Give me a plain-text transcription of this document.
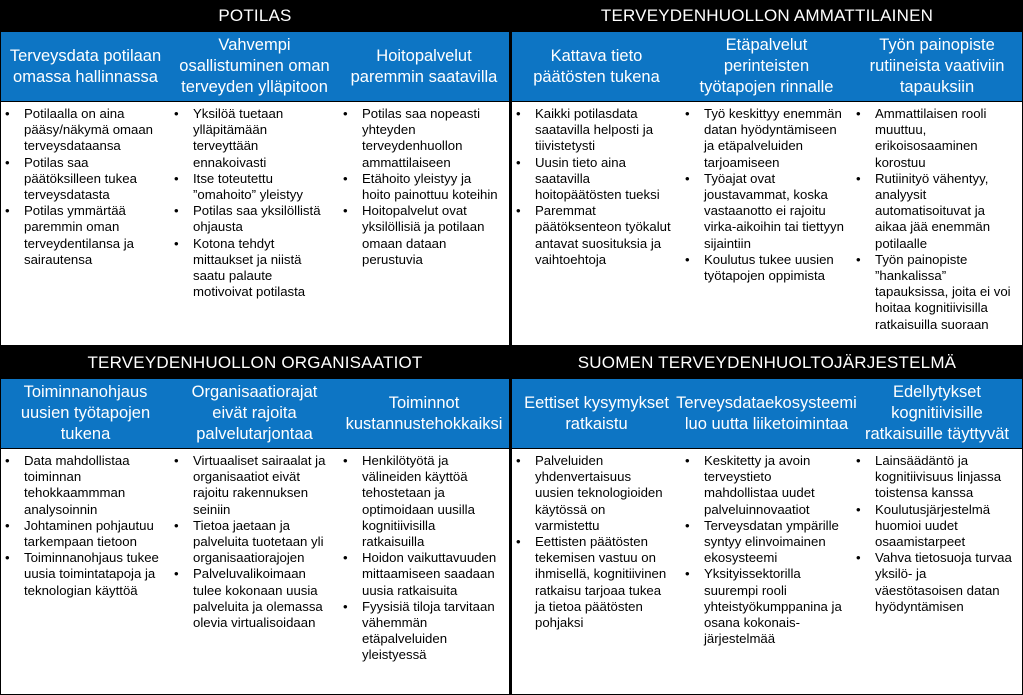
POTILAS
Terveysdata potilaan omassa hallinnassa
Vahvempi osallistuminen oman terveyden ylläpitoon
Hoitopalvelut paremmin saatavilla
• Potilaalla on aina pääsy/näkymä omaan terveysdataansa
• Potilas saa päätöksilleen tukea terveysdatasta
• Potilas ymmärtää paremmin oman terveydentilansa ja sairautensa
• Yksilöä tuetaan ylläpitämään terveyttään ennakoivasti
• Itse toteutettu ”omahoito” yleistyy
• Potilas saa yksilöllistä ohjausta
• Kotona tehdyt mittaukset ja niistä saatu palaute motivoivat potilasta
• Potilas saa nopeasti yhteyden terveydenhuollon ammattilaiseen
• Etähoito yleistyy ja hoito painottuu koteihin
• Hoitopalvelut ovat yksilöllisiä ja potilaan omaan dataan perustuvia
TERVEYDENHUOLLON AMMATTILAINEN
Kattava tieto päätösten tukena
Etäpalvelut perinteisten työtapojen rinnalle
Työn painopiste rutiineista vaativiin tapauksiin
• Kaikki potilasdata saatavilla helposti ja tiivistetysti
• Uusin tieto aina saatavilla hoitopäätösten tueksi
• Paremmat päätöksenteon työkalut antavat suosituksia ja vaihtoehtoja
• Työ keskittyy enemmän datan hyödyntämiseen ja etäpalveluiden tarjoamiseen
• Työajat ovat joustavammat, koska vastaanotto ei rajoitu virka-aikoihin tai tiettyyn sijaintiin
• Koulutus tukee uusien työtapojen oppimista
• Ammattilaisen rooli muuttuu, erikoisosaaminen korostuu
• Rutiinityö vähentyy, analyysit automatisoituvat ja aikaa jää enemmän potilaalle
• Työn painopiste ”hankalissa” tapauksissa, joita ei voi hoitaa kognitiivisilla ratkaisuilla suoraan
TERVEYDENHUOLLON ORGANISAATIOT
Toiminnanohjaus uusien työtapojen tukena
Organisaatiorajat eivät rajoita palvelutarjontaa
Toiminnot kustannustehokkaiksi
• Data mahdollistaa toiminnan tehokkaammman analysoinnin
• Johtaminen pohjautuu tarkempaan tietoon
• Toiminnanohjaus tukee uusia toimintatapoja ja teknologian käyttöä
• Virtuaaliset sairaalat ja organisaatiot eivät rajoitu rakennuksen seiniin
• Tietoa jaetaan ja palveluita tuotetaan yli organisaatiorajojen
• Palveluvalikoimaan tulee kokonaan uusia palveluita ja olemassa olevia virtualisoidaan
• Henkilötyötä ja välineiden käyttöä tehostetaan ja optimoidaan uusilla kognitiivisilla ratkaisuilla
• Hoidon vaikuttavuuden mittaamiseen saadaan uusia ratkaisuita
• Fyysisiä tiloja tarvitaan vähemmän etäpalveluiden yleistyessä
SUOMEN TERVEYDENHUOLTOJÄRJESTELMÄ
Eettiset kysymykset ratkaistu
Terveysdataekosysteemi luo uutta liiketoimintaa
Edellytykset kognitiivisille ratkaisuille täyttyvät
• Palveluiden yhdenvertaisuus uusien teknologioiden käytössä on varmistettu
• Eettisten päätösten tekemisen vastuu on ihmisellä, kognitiivinen ratkaisu tarjoaa tukea ja tietoa päätösten pohjaksi
• Keskitetty ja avoin terveystieto mahdollistaa uudet palveluinnovaatiot
• Terveysdatan ympärille syntyy elinvoimainen ekosysteemi
• Yksityissektorilla suurempi rooli yhteistyökumppanina ja osana kokonais-järjestelmää
• Lainsäädäntö ja kognitiivisuus linjassa toistensa kanssa
• Koulutusjärjestelmä huomioi uudet osaamistarpeet
• Vahva tietosuoja turvaa yksilö- ja väestötasoisen datan hyödyntämisen
